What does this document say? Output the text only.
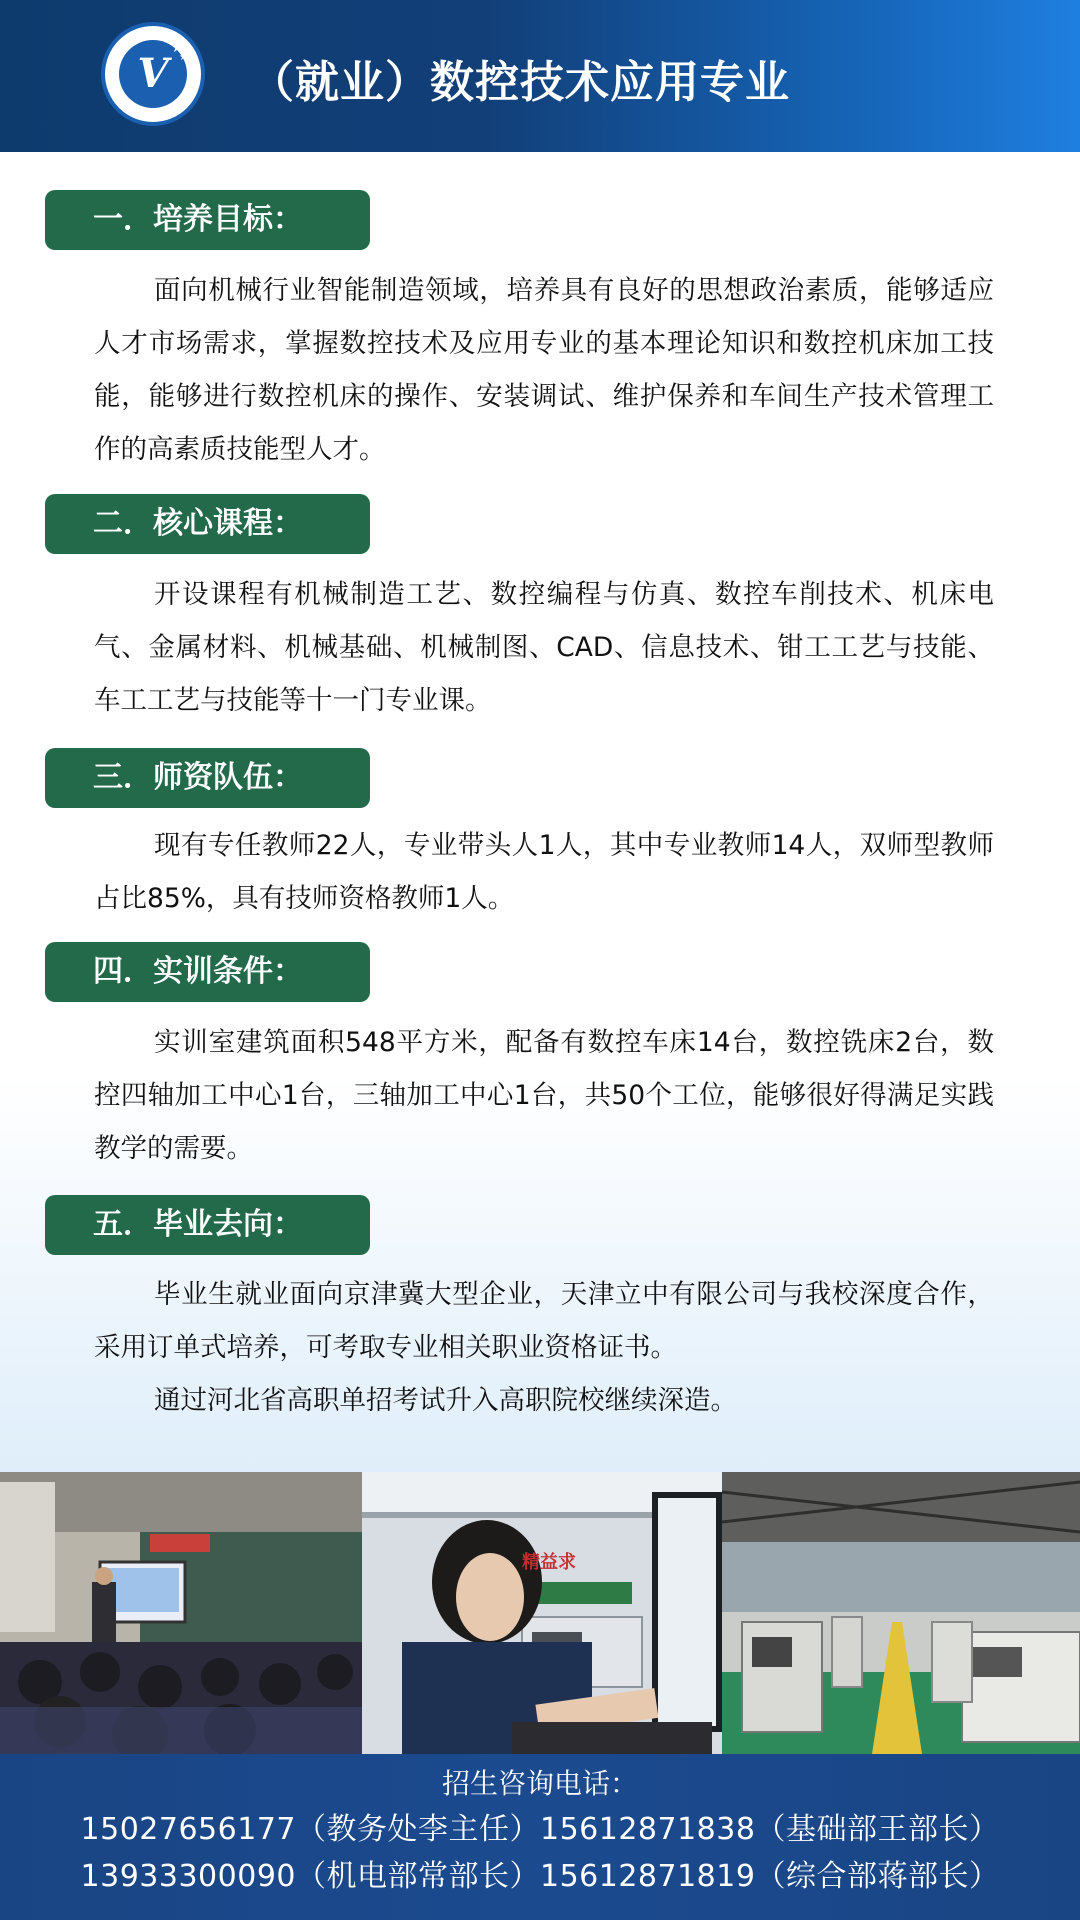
V
★
★ （就业）数控技术应用专业
一．培养目标：
面向机械行业智能制造领域，培养具有良好的思想政治素质，能够适应人才市场需求，掌握数控技术及应用专业的基本理论知识和数控机床加工技能，能够进行数控机床的操作、安装调试、维护保养和车间生产技术管理工作的高素质技能型人才。
二．核心课程：
开设课程有机械制造工艺、数控编程与仿真、数控车削技术、机床电气、金属材料、机械基础、机械制图、CAD、信息技术、钳工工艺与技能、车工工艺与技能等十一门专业课。
三．师资队伍：
现有专任教师22人，专业带头人1人，其中专业教师14人，双师型教师占比85%，具有技师资格教师1人。
四．实训条件：
实训室建筑面积548平方米，配备有数控车床14台，数控铣床2台，数控四轴加工中心1台，三轴加工中心1台，共50个工位，能够很好得满足实践教学的需要。
五．毕业去向：
毕业生就业面向京津冀大型企业，天津立中有限公司与我校深度合作，采用订单式培养，可考取专业相关职业资格证书。
通过河北省高职单招考试升入高职院校继续深造。
精益求
招生咨询电话：
15027656177（教务处李主任）15612871838（基础部王部长）
13933300090（机电部常部长）15612871819（综合部蒋部长）
